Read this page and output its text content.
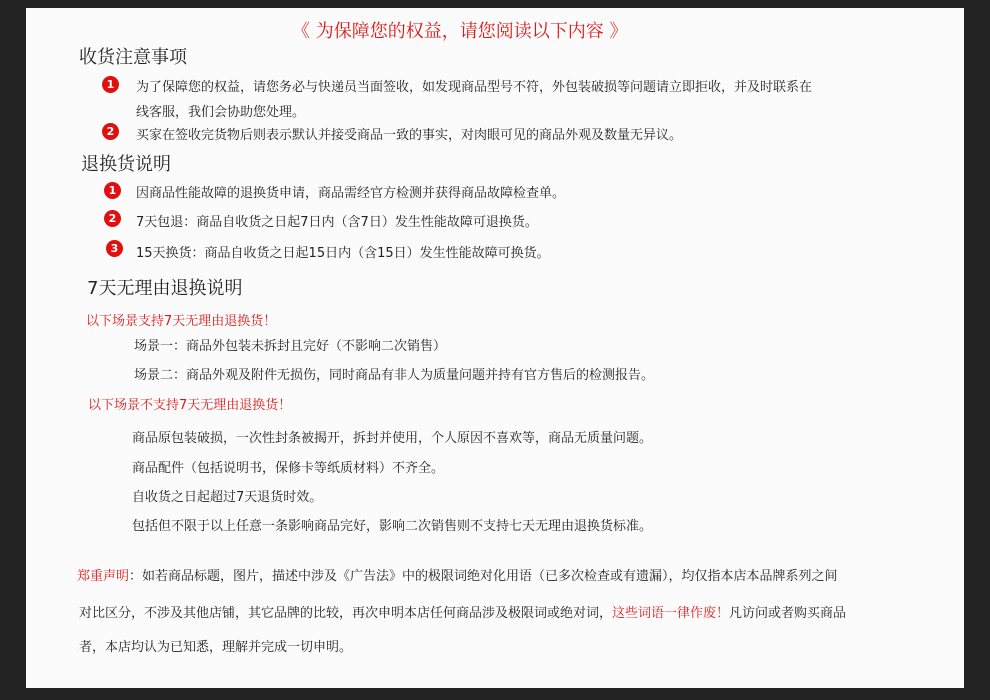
《 为保障您的权益，请您阅读以下内容 》
收货注意事项
1	为了保障您的权益，请您务必与快递员当面签收，如发现商品型号不符，外包装破损等问题请立即拒收，并及时联系在
线客服，我们会协助您处理。
2	买家在签收完货物后则表示默认并接受商品一致的事实，对肉眼可见的商品外观及数量无异议。
退换货说明
1	因商品性能故障的退换货申请，商品需经官方检测并获得商品故障检查单。
2	7天包退：商品自收货之日起7日内（含7日）发生性能故障可退换货。
3	15天换货：商品自收货之日起15日内（含15日）发生性能故障可换货。
7天无理由退换说明
以下场景支持7天无理由退换货！
场景一：商品外包装未拆封且完好（不影响二次销售）
场景二：商品外观及附件无损伤，同时商品有非人为质量问题并持有官方售后的检测报告。
以下场景不支持7天无理由退换货！
商品原包装破损，一次性封条被揭开，拆封并使用，个人原因不喜欢等，商品无质量问题。
商品配件（包括说明书，保修卡等纸质材料）不齐全。
自收货之日起超过7天退货时效。
包括但不限于以上任意一条影响商品完好，影响二次销售则不支持七天无理由退换货标准。
郑重声明：如若商品标题，图片，描述中涉及《广告法》中的极限词绝对化用语（已多次检查或有遗漏），均仅指本店本品牌系列之间
对比区分，不涉及其他店铺，其它品牌的比较，再次申明本店任何商品涉及极限词或绝对词，这些词语一律作废！凡访问或者购买商品
者，本店均认为已知悉，理解并完成一切申明。
